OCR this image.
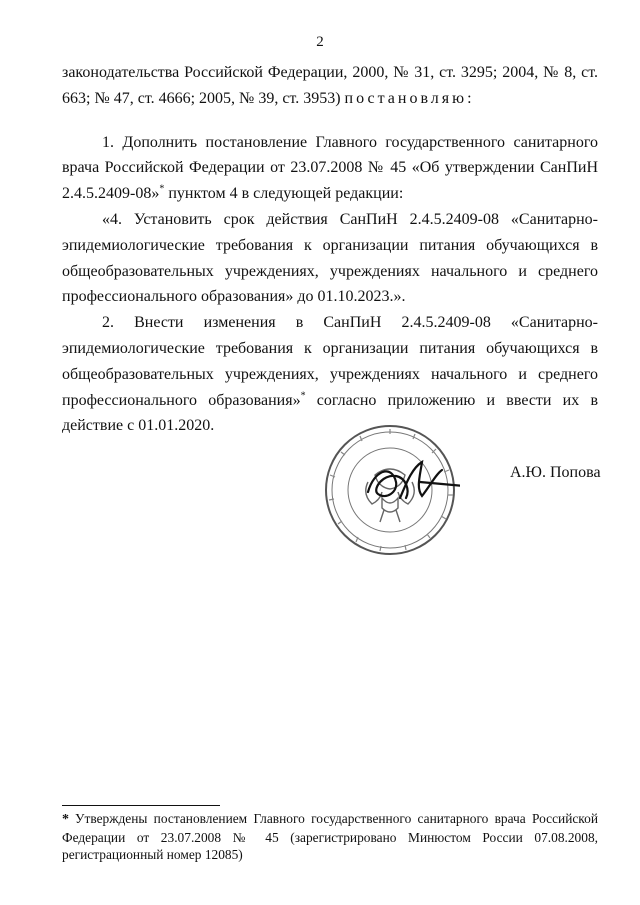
2

законодательства Российской Федерации, 2000, № 31, ст. 3295; 2004, № 8, ст. 663; № 47, ст. 4666; 2005, № 39, ст. 3953) постановляю:

1. Дополнить постановление Главного государственного санитарного врача Российской Федерации от 23.07.2008 № 45 «Об утверждении СанПиН 2.4.5.2409-08»* пунктом 4 в следующей редакции:

«4. Установить срок действия СанПиН 2.4.5.2409-08 «Санитарно-эпидемиологические требования к организации питания обучающихся в общеобразовательных учреждениях, учреждениях начального и среднего профессионального образования» до 01.10.2023.».

2. Внести изменения в СанПиН 2.4.5.2409-08 «Санитарно-эпидемиологические требования к организации питания обучающихся в общеобразовательных учреждениях, учреждениях начального и среднего профессионального образования»* согласно приложению и ввести их в действие с 01.01.2020.

А.Ю. Попова
* Утверждены постановлением Главного государственного санитарного врача Российской Федерации от 23.07.2008 № 45 (зарегистрировано Минюстом России 07.08.2008, регистрационный номер 12085)
